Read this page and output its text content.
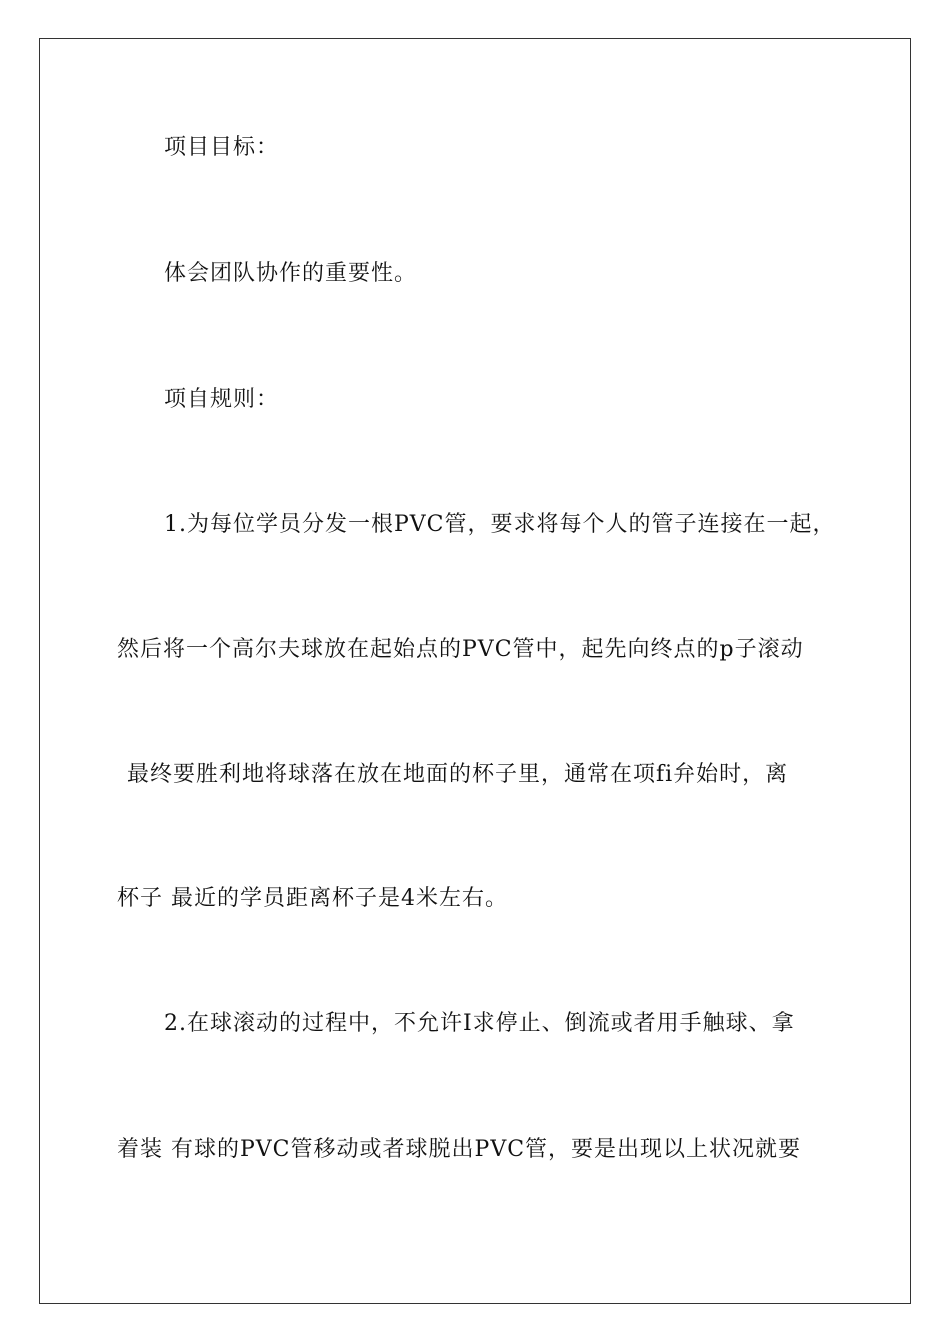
项目目标：
体会团队协作的重要性。
项自规则：
1.为每位学员分发一根PVC管，要求将每个人的管子连接在一起，
然后将一个高尔夫球放在起始点的PVC管中，起先向终点的p子滚动
最终要胜利地将球落在放在地面的杯子里，通常在项fi弁始时，离
杯子 最近的学员距离杯子是4米左右。
2.在球滚动的过程中，不允许I求停止、倒流或者用手触球、拿
着装 有球的PVC管移动或者球脱出PVC管，要是出现以上状况就要
